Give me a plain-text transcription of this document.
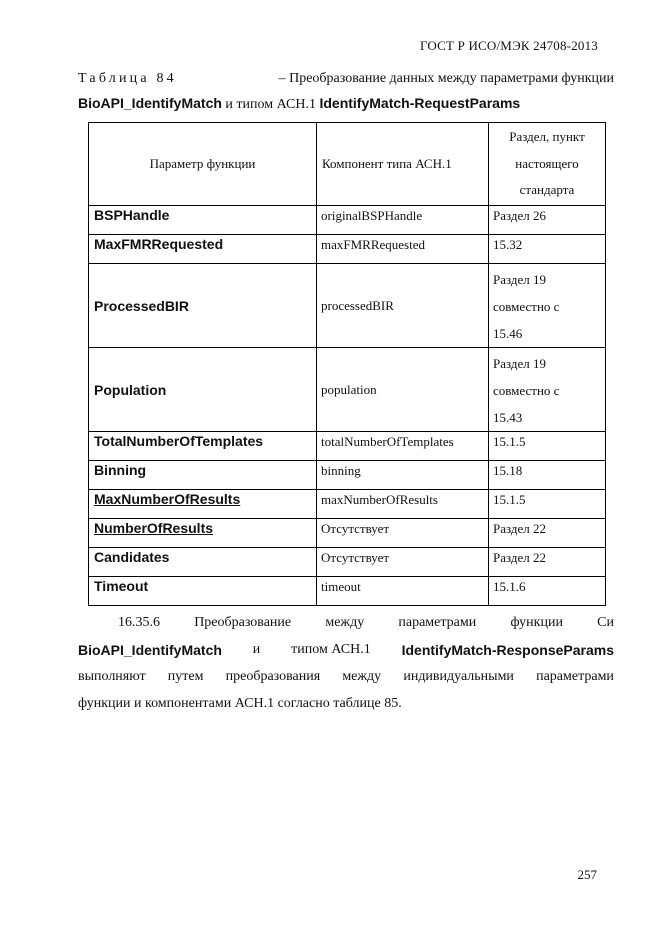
ГОСТ Р ИСО/МЭК 24708-2013
Таблица 84	– Преобразование данных между параметрами функции
BioAPI_IdentifyMatch и типом АСН.1 IdentifyMatch-RequestParams
Параметр функции	Компонент типа АСН.1	Раздел, пункт
настоящего
стандарта

BSPHandle	originalBSPHandle	Раздел 26
MaxFMRRequested	maxFMRRequested	15.32
ProcessedBIR	processedBIR	Раздел 19
совместно с
15.46

Population	population	Раздел 19
совместно с
15.43

TotalNumberOfTemplates	totalNumberOfTemplates	15.1.5
Binning	binning	15.18
MaxNumberOfResults	maxNumberOfResults	15.1.5
NumberOfResults	Отсутствует	Раздел 22
Candidates	Отсутствует	Раздел 22
Timeout	timeout	15.1.6
16.35.6 Преобразование между параметрами функции Си
BioAPI_IdentifyMatch и типом АСН.1 IdentifyMatch-ResponseParams
выполняют путем преобразования между индивидуальными параметрами
функции и компонентами АСН.1 согласно таблице 85.
257
